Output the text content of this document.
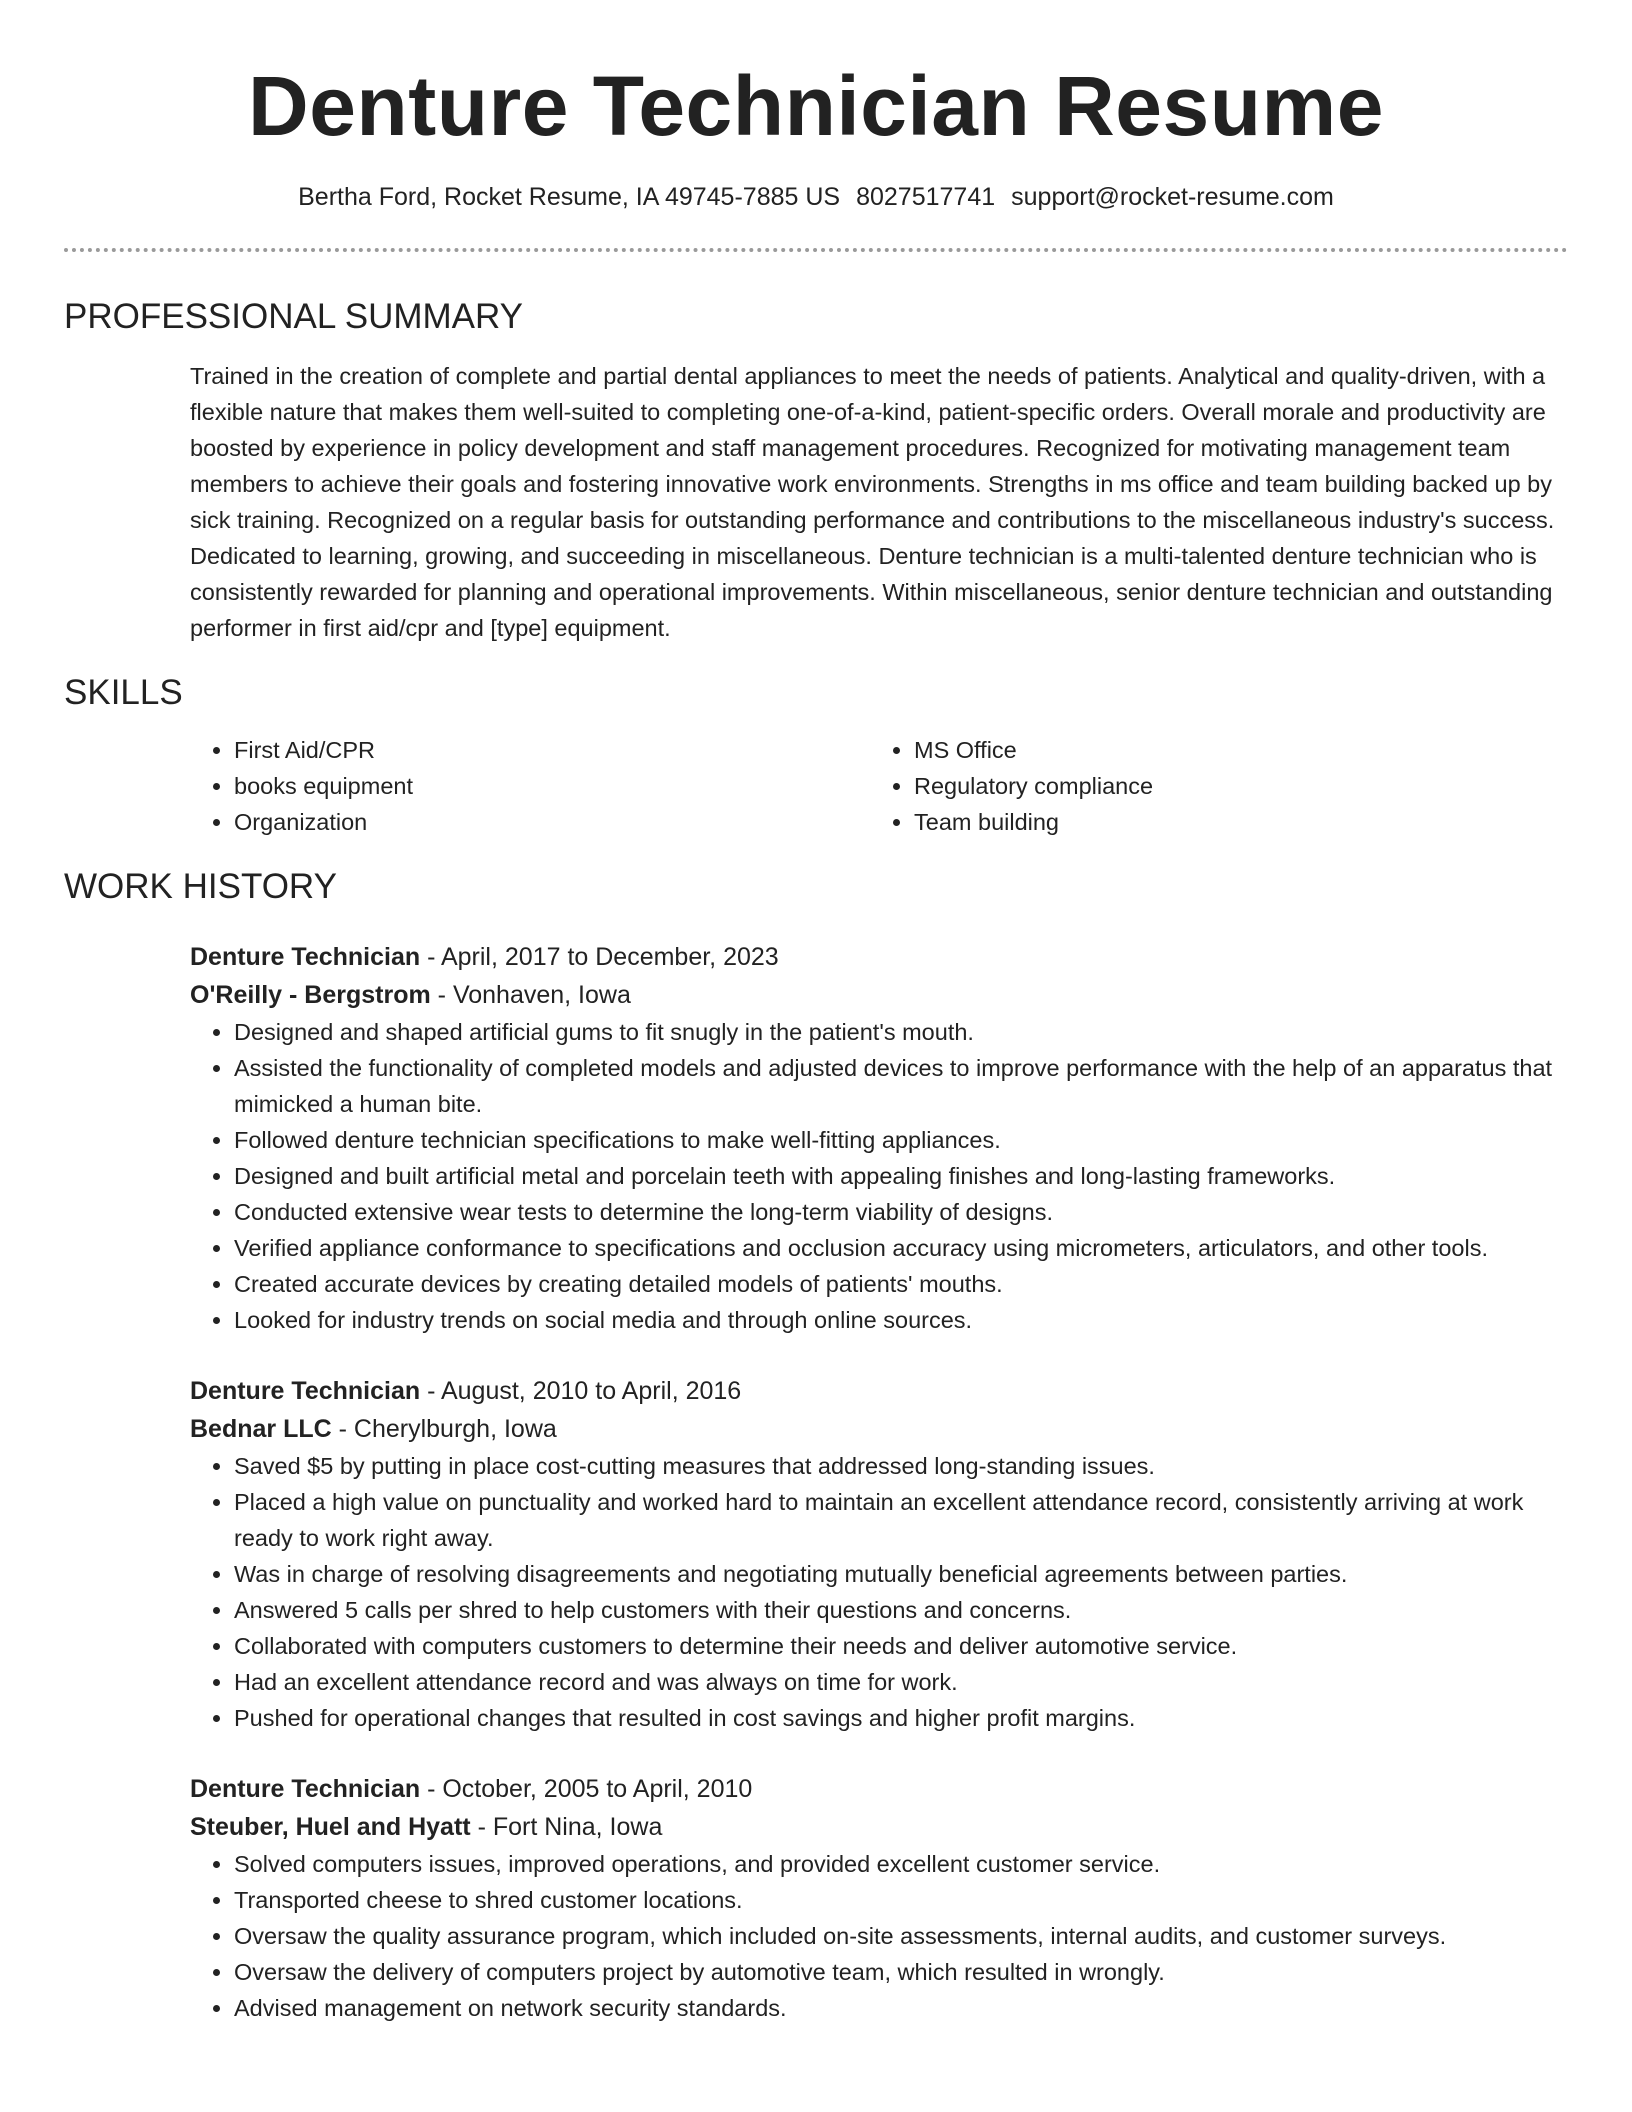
Denture Technician Resume
Bertha Ford, Rocket Resume, IA 49745-7885 US 8027517741 support@rocket-resume.com
PROFESSIONAL SUMMARY

Trained in the creation of complete and partial dental appliances to meet the needs of patients. Analytical and quality-driven, with a flexible nature that makes them well-suited to completing one-of-a-kind, patient-specific orders. Overall morale and productivity are boosted by experience in policy development and staff management procedures. Recognized for motivating management team members to achieve their goals and fostering innovative work environments. Strengths in ms office and team building backed up by sick training. Recognized on a regular basis for outstanding performance and contributions to the miscellaneous industry's success. Dedicated to learning, growing, and succeeding in miscellaneous. Denture technician is a multi-talented denture technician who is consistently rewarded for planning and operational improvements. Within miscellaneous, senior denture technician and outstanding performer in first aid/cpr and [type] equipment.

SKILLS
• First Aid/CPR
• books equipment
• Organization
• MS Office
• Regulatory compliance
• Team building
WORK HISTORY
Denture Technician - April, 2017 to December, 2023
O'Reilly - Bergstrom - Vonhaven, Iowa
• Designed and shaped artificial gums to fit snugly in the patient's mouth.
• Assisted the functionality of completed models and adjusted devices to improve performance with the help of an apparatus that mimicked a human bite.
• Followed denture technician specifications to make well-fitting appliances.
• Designed and built artificial metal and porcelain teeth with appealing finishes and long-lasting frameworks.
• Conducted extensive wear tests to determine the long-term viability of designs.
• Verified appliance conformance to specifications and occlusion accuracy using micrometers, articulators, and other tools.
• Created accurate devices by creating detailed models of patients' mouths.
• Looked for industry trends on social media and through online sources.
Denture Technician - August, 2010 to April, 2016
Bednar LLC - Cherylburgh, Iowa
• Saved $5 by putting in place cost-cutting measures that addressed long-standing issues.
• Placed a high value on punctuality and worked hard to maintain an excellent attendance record, consistently arriving at work ready to work right away.
• Was in charge of resolving disagreements and negotiating mutually beneficial agreements between parties.
• Answered 5 calls per shred to help customers with their questions and concerns.
• Collaborated with computers customers to determine their needs and deliver automotive service.
• Had an excellent attendance record and was always on time for work.
• Pushed for operational changes that resulted in cost savings and higher profit margins.
Denture Technician - October, 2005 to April, 2010
Steuber, Huel and Hyatt - Fort Nina, Iowa
• Solved computers issues, improved operations, and provided excellent customer service.
• Transported cheese to shred customer locations.
• Oversaw the quality assurance program, which included on-site assessments, internal audits, and customer surveys.
• Oversaw the delivery of computers project by automotive team, which resulted in wrongly.
• Advised management on network security standards.
